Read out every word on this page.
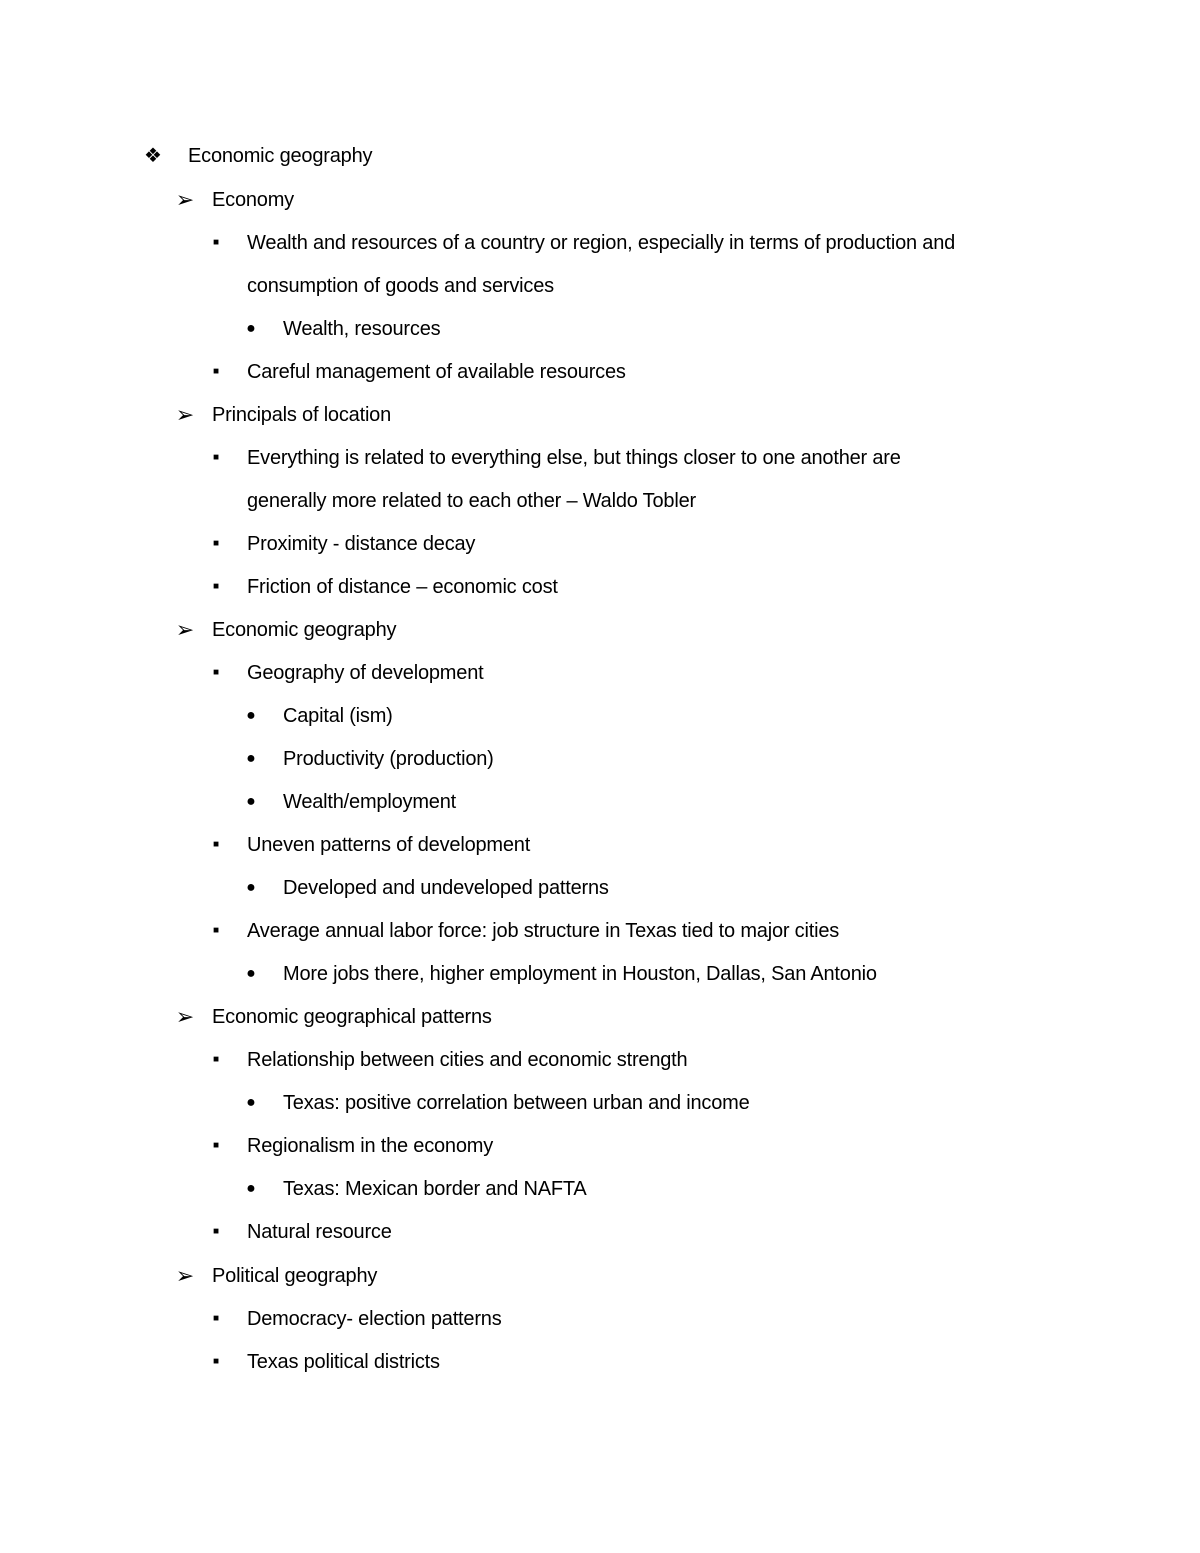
❖ Economic geography
➢ Economy
■ Wealth and resources of a country or region, especially in terms of production and
consumption of goods and services
● Wealth, resources
■ Careful management of available resources
➢ Principals of location
■ Everything is related to everything else, but things closer to one another are
generally more related to each other – Waldo Tobler
■ Proximity - distance decay
■ Friction of distance – economic cost
➢ Economic geography
■ Geography of development
● Capital (ism)
● Productivity (production)
● Wealth/employment
■ Uneven patterns of development
● Developed and undeveloped patterns
■ Average annual labor force: job structure in Texas tied to major cities
● More jobs there, higher employment in Houston, Dallas, San Antonio
➢ Economic geographical patterns
■ Relationship between cities and economic strength
● Texas: positive correlation between urban and income
■ Regionalism in the economy
● Texas: Mexican border and NAFTA
■ Natural resource
➢ Political geography
■ Democracy- election patterns
■ Texas political districts
